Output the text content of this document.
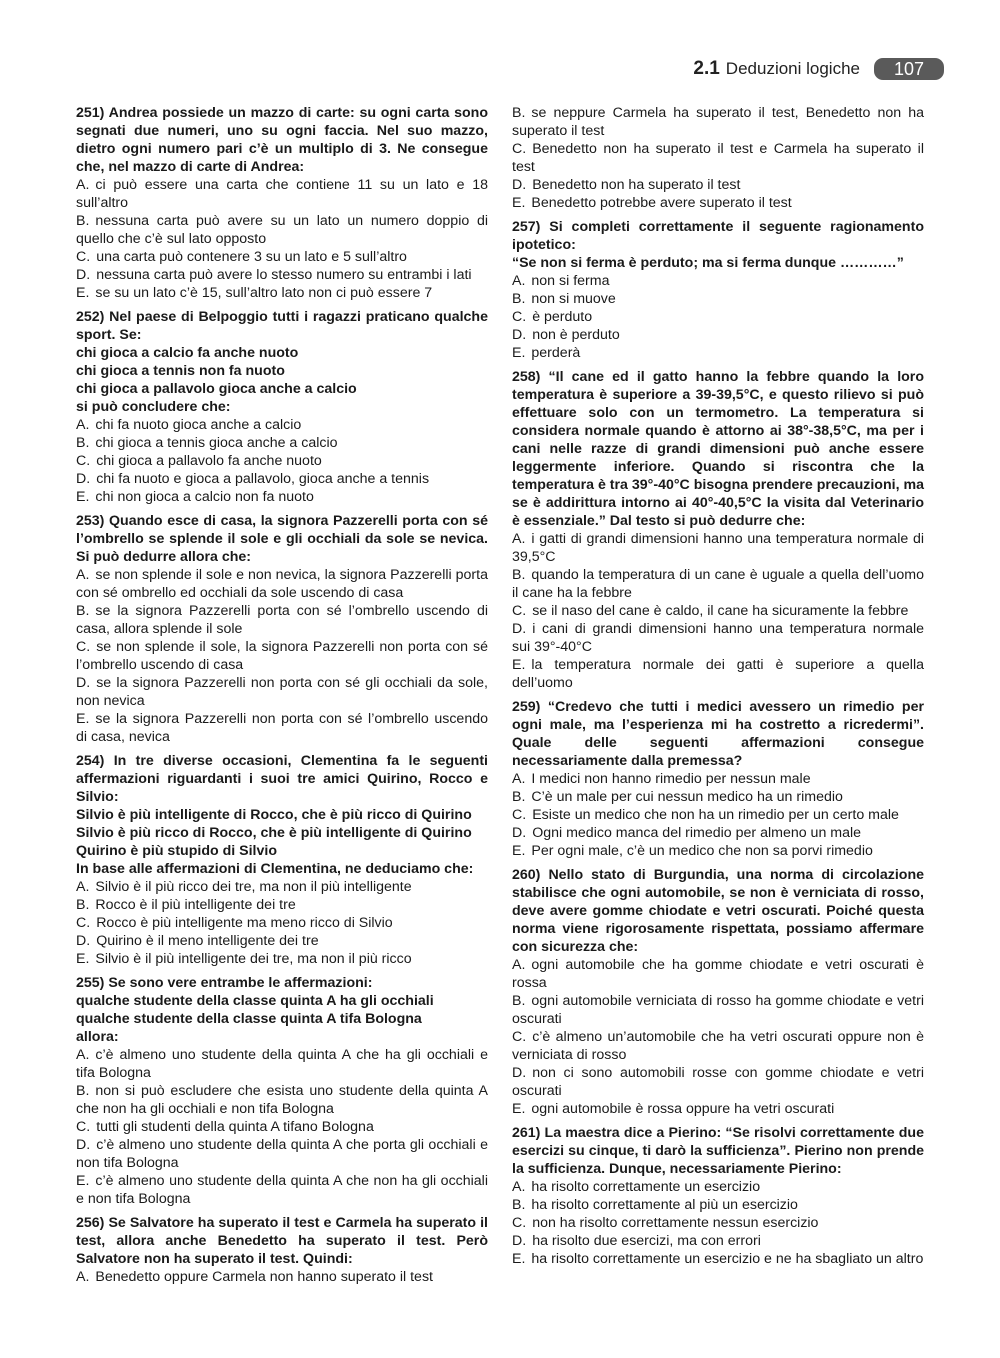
2.1 Deduzioni logiche	107
251) Andrea possiede un mazzo di carte: su ogni carta sono segnati due numeri, uno su ogni faccia. Nel suo mazzo, dietro ogni numero pari c’è un multiplo di 3. Ne consegue che, nel mazzo di carte di Andrea:
A. ci può essere una carta che contiene 11 su un lato e 18 sull’altro
B. nessuna carta può avere su un lato un numero doppio di quello che c’è sul lato opposto
C. una carta può contenere 3 su un lato e 5 sull’altro
D. nessuna carta può avere lo stesso numero su entrambi i lati
E. se su un lato c’è 15, sull’altro lato non ci può essere 7
252) Nel paese di Belpoggio tutti i ragazzi praticano qualche sport. Se:
chi gioca a calcio fa anche nuoto
chi gioca a tennis non fa nuoto
chi gioca a pallavolo gioca anche a calcio
si può concludere che:
A. chi fa nuoto gioca anche a calcio
B. chi gioca a tennis gioca anche a calcio
C. chi gioca a pallavolo fa anche nuoto
D. chi fa nuoto e gioca a pallavolo, gioca anche a tennis
E. chi non gioca a calcio non fa nuoto
253) Quando esce di casa, la signora Pazzerelli porta con sé l’ombrello se splende il sole e gli occhiali da sole se nevica. Si può dedurre allora che:
A. se non splende il sole e non nevica, la signora Pazzerelli porta con sé ombrello ed occhiali da sole uscendo di casa
B. se la signora Pazzerelli porta con sé l’ombrello uscendo di casa, allora splende il sole
C. se non splende il sole, la signora Pazzerelli non porta con sé l’ombrello uscendo di casa
D. se la signora Pazzerelli non porta con sé gli occhiali da sole, non nevica
E. se la signora Pazzerelli non porta con sé l’ombrello uscendo di casa, nevica
254) In tre diverse occasioni, Clementina fa le seguenti affermazioni riguardanti i suoi tre amici Quirino, Rocco e Silvio:
Silvio è più intelligente di Rocco, che è più ricco di Quirino
Silvio è più ricco di Rocco, che è più intelligente di Quirino
Quirino è più stupido di Silvio
In base alle affermazioni di Clementina, ne deduciamo che:
A. Silvio è il più ricco dei tre, ma non il più intelligente
B. Rocco è il più intelligente dei tre
C. Rocco è più intelligente ma meno ricco di Silvio
D. Quirino è il meno intelligente dei tre
E. Silvio è il più intelligente dei tre, ma non il più ricco
255) Se sono vere entrambe le affermazioni:
qualche studente della classe quinta A ha gli occhiali
qualche studente della classe quinta A tifa Bologna
allora:
A. c’è almeno uno studente della quinta A che ha gli occhiali e tifa Bologna
B. non si può escludere che esista uno studente della quinta A che non ha gli occhiali e non tifa Bologna
C. tutti gli studenti della quinta A tifano Bologna
D. c’è almeno uno studente della quinta A che porta gli occhiali e non tifa Bologna
E. c’è almeno uno studente della quinta A che non ha gli occhiali e non tifa Bologna
256) Se Salvatore ha superato il test e Carmela ha superato il test, allora anche Benedetto ha superato il test. Però Salvatore non ha superato il test. Quindi:
A. Benedetto oppure Carmela non hanno superato il test
B. se neppure Carmela ha superato il test, Benedetto non ha superato il test
C. Benedetto non ha superato il test e Carmela ha superato il test
D. Benedetto non ha superato il test
E. Benedetto potrebbe avere superato il test
257) Si completi correttamente il seguente ragionamento ipotetico:
“Se non si ferma è perduto; ma si ferma dunque …………”
A. non si ferma
B. non si muove
C. è perduto
D. non è perduto
E. perderà
258) “Il cane ed il gatto hanno la febbre quando la loro temperatura è superiore a 39-39,5°C, e questo rilievo si può effettuare solo con un termometro. La temperatura si considera normale quando è attorno ai 38°-38,5°C, ma per i cani nelle razze di grandi dimensioni può anche essere leggermente inferiore. Quando si riscontra che la temperatura è tra 39°-40°C bisogna prendere precauzioni, ma se è addirittura intorno ai 40°-40,5°C la visita dal Veterinario è essenziale.” Dal testo si può dedurre che:
A. i gatti di grandi dimensioni hanno una temperatura normale di 39,5°C
B. quando la temperatura di un cane è uguale a quella dell’uomo il cane ha la febbre
C. se il naso del cane è caldo, il cane ha sicuramente la febbre
D. i cani di grandi dimensioni hanno una temperatura normale sui 39°-40°C
E. la temperatura normale dei gatti è superiore a quella dell’uomo
259) “Credevo che tutti i medici avessero un rimedio per ogni male, ma l’esperienza mi ha costretto a ricredermi”. Quale delle seguenti affermazioni consegue necessariamente dalla premessa?
A. I medici non hanno rimedio per nessun male
B. C’è un male per cui nessun medico ha un rimedio
C. Esiste un medico che non ha un rimedio per un certo male
D. Ogni medico manca del rimedio per almeno un male
E. Per ogni male, c’è un medico che non sa porvi rimedio
260) Nello stato di Burgundia, una norma di circolazione stabilisce che ogni automobile, se non è verniciata di rosso, deve avere gomme chiodate e vetri oscurati. Poiché questa norma viene rigorosamente rispettata, possiamo affermare con sicurezza che:
A. ogni automobile che ha gomme chiodate e vetri oscurati è rossa
B. ogni automobile verniciata di rosso ha gomme chiodate e vetri oscurati
C. c’è almeno un’automobile che ha vetri oscurati oppure non è verniciata di rosso
D. non ci sono automobili rosse con gomme chiodate e vetri oscurati
E. ogni automobile è rossa oppure ha vetri oscurati
261) La maestra dice a Pierino: “Se risolvi correttamente due esercizi su cinque, ti darò la sufficienza”. Pierino non prende la sufficienza. Dunque, necessariamente Pierino:
A. ha risolto correttamente un esercizio
B. ha risolto correttamente al più un esercizio
C. non ha risolto correttamente nessun esercizio
D. ha risolto due esercizi, ma con errori
E. ha risolto correttamente un esercizio e ne ha sbagliato un altro
